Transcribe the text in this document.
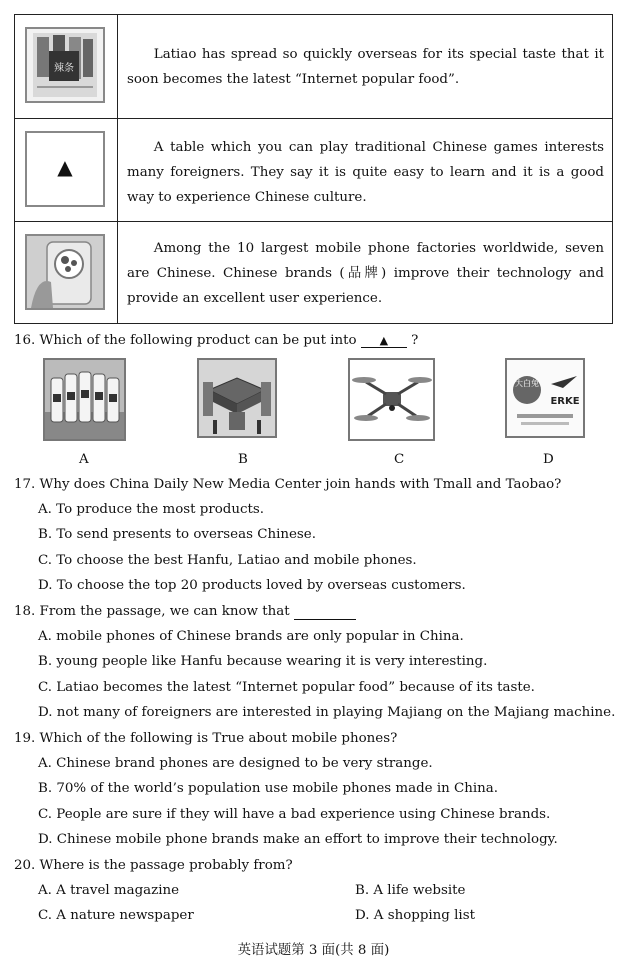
辣条
Latiao has spread so quickly overseas for its special taste that it soon becomes the latest “Internet popular food”.
▲
A table which you can play traditional Chinese games interests many foreigners. They say it is quite easy to learn and it is a good way to experience Chinese culture.
Among the 10 largest mobile phone factories worldwide, seven are Chinese. Chinese brands (品牌) improve their technology and provide an excellent user experience.
16. Which of the following product can be put into ▲ ?
大白兔
ERKE
A	B	C	D
17. Why does China Daily New Media Center join hands with Tmall and Taobao?
A. To produce the most products.
B. To send presents to overseas Chinese.
C. To choose the best Hanfu, Latiao and mobile phones.
D. To choose the top 20 products loved by overseas customers.
18. From the passage, we can know that
A. mobile phones of Chinese brands are only popular in China.
B. young people like Hanfu because wearing it is very interesting.
C. Latiao becomes the latest “Internet popular food” because of its taste.
D. not many of foreigners are interested in playing Majiang on the Majiang machine.
19. Which of the following is True about mobile phones?
A. Chinese brand phones are designed to be very strange.
B. 70% of the world’s population use mobile phones made in China.
C. People are sure if they will have a bad experience using Chinese brands.
D. Chinese mobile phone brands make an effort to improve their technology.
20. Where is the passage probably from?
A. A travel magazine	B. A life website
C. A nature newspaper	D. A shopping list
英语试题第 3 面(共 8 面)
